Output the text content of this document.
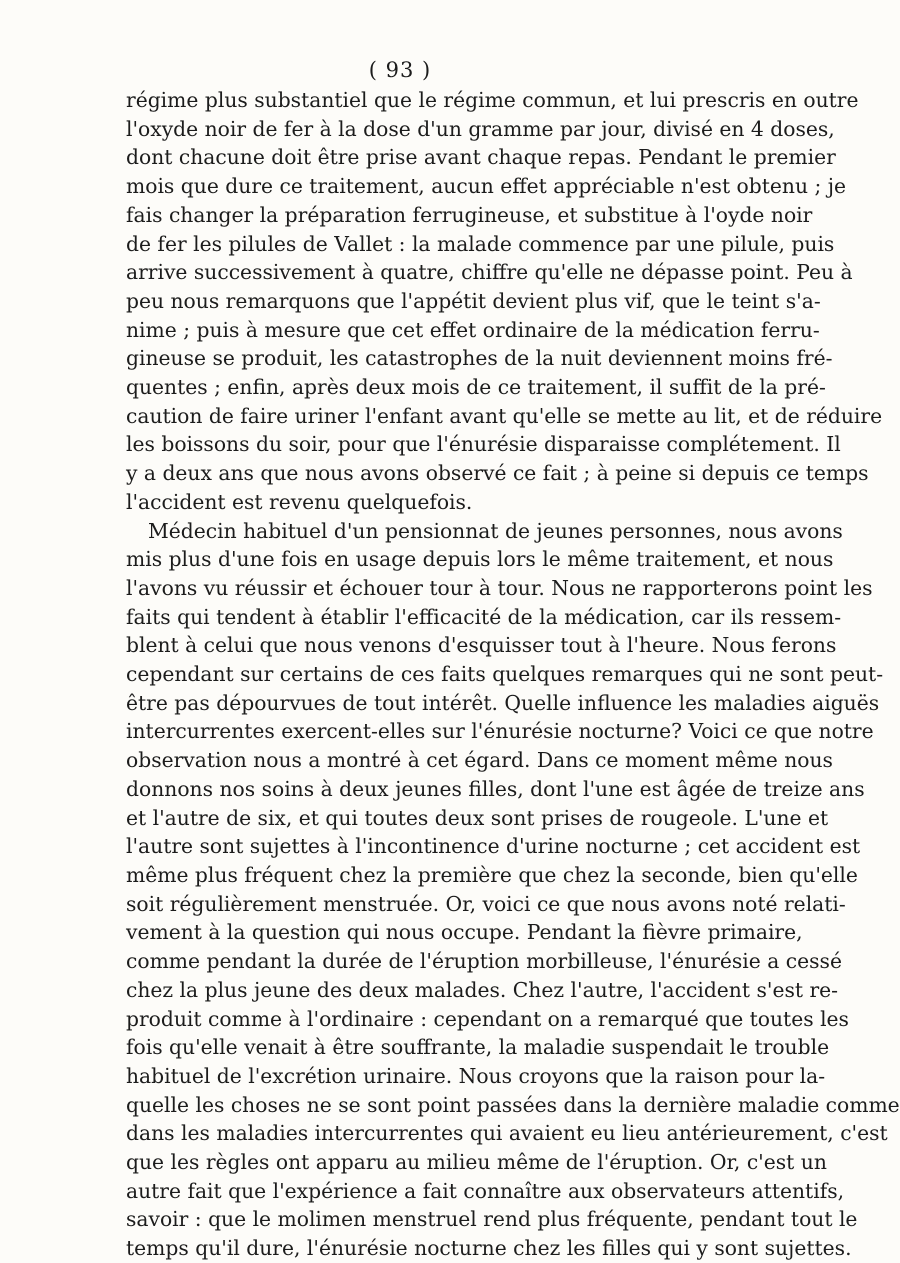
( 93 )

régime plus substantiel que le régime commun, et lui prescris en outre
l'oxyde noir de fer à la dose d'un gramme par jour, divisé en 4 doses,
dont chacune doit être prise avant chaque repas. Pendant le premier
mois que dure ce traitement, aucun effet appréciable n'est obtenu ; je
fais changer la préparation ferrugineuse, et substitue à l'oyde noir
de fer les pilules de Vallet : la malade commence par une pilule, puis
arrive successivement à quatre, chiffre qu'elle ne dépasse point. Peu à
peu nous remarquons que l'appétit devient plus vif, que le teint s'a-
nime ; puis à mesure que cet effet ordinaire de la médication ferru-
gineuse se produit, les catastrophes de la nuit deviennent moins fré-
quentes ; enfin, après deux mois de ce traitement, il suffit de la pré-
caution de faire uriner l'enfant avant qu'elle se mette au lit, et de réduire
les boissons du soir, pour que l'énurésie disparaisse complétement. Il
y a deux ans que nous avons observé ce fait ; à peine si depuis ce temps
l'accident est revenu quelquefois.

Médecin habituel d'un pensionnat de jeunes personnes, nous avons
mis plus d'une fois en usage depuis lors le même traitement, et nous
l'avons vu réussir et échouer tour à tour. Nous ne rapporterons point les
faits qui tendent à établir l'efficacité de la médication, car ils ressem-
blent à celui que nous venons d'esquisser tout à l'heure. Nous ferons
cependant sur certains de ces faits quelques remarques qui ne sont peut-
être pas dépourvues de tout intérêt. Quelle influence les maladies aiguës
intercurrentes exercent-elles sur l'énurésie nocturne? Voici ce que notre
observation nous a montré à cet égard. Dans ce moment même nous
donnons nos soins à deux jeunes filles, dont l'une est âgée de treize ans
et l'autre de six, et qui toutes deux sont prises de rougeole. L'une et
l'autre sont sujettes à l'incontinence d'urine nocturne ; cet accident est
même plus fréquent chez la première que chez la seconde, bien qu'elle
soit régulièrement menstruée. Or, voici ce que nous avons noté relati-
vement à la question qui nous occupe. Pendant la fièvre primaire,
comme pendant la durée de l'éruption morbilleuse, l'énurésie a cessé
chez la plus jeune des deux malades. Chez l'autre, l'accident s'est re-
produit comme à l'ordinaire : cependant on a remarqué que toutes les
fois qu'elle venait à être souffrante, la maladie suspendait le trouble
habituel de l'excrétion urinaire. Nous croyons que la raison pour la-
quelle les choses ne se sont point passées dans la dernière maladie comme
dans les maladies intercurrentes qui avaient eu lieu antérieurement, c'est
que les règles ont apparu au milieu même de l'éruption. Or, c'est un
autre fait que l'expérience a fait connaître aux observateurs attentifs,
savoir : que le molimen menstruel rend plus fréquente, pendant tout le
temps qu'il dure, l'énurésie nocturne chez les filles qui y sont sujettes.
